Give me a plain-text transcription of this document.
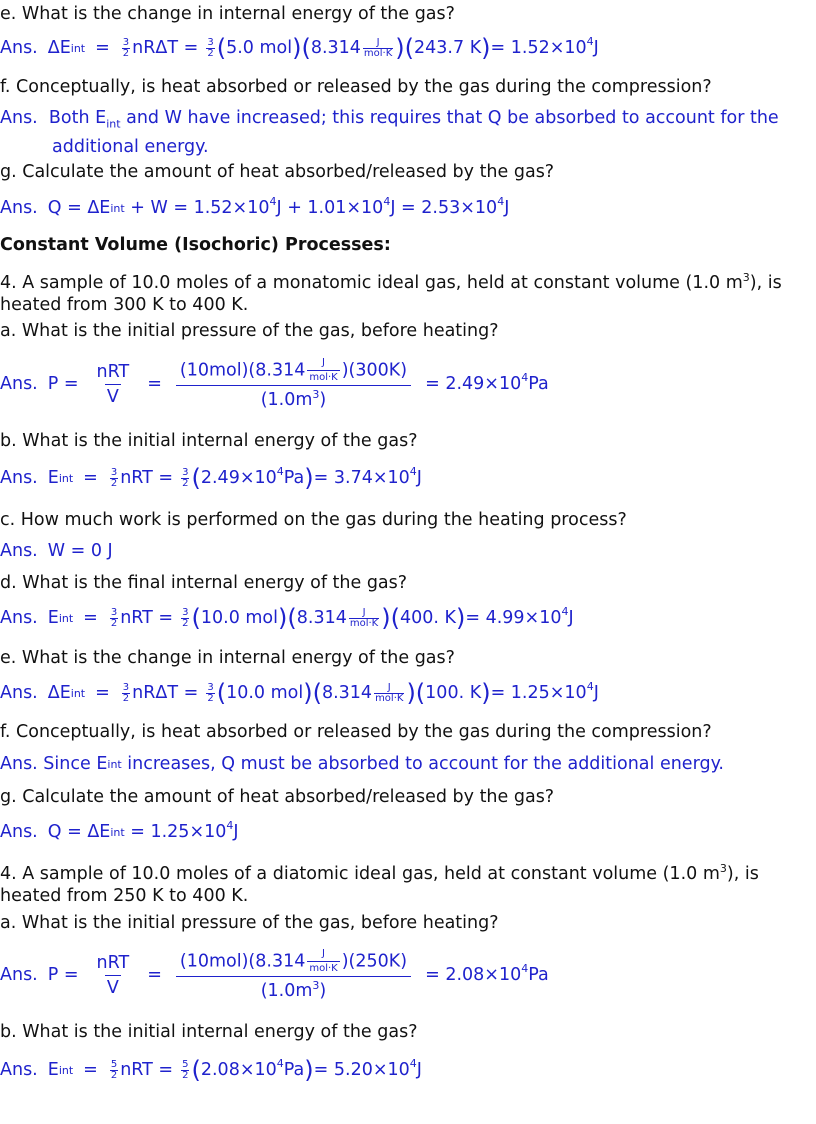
e. What is the change in internal energy of the gas?
Ans. ΔE int = $\frac{3}{2}$ $nR\Delta T = \frac{3}{2}$ ( 5.0 mol )( $8.314 \frac{J}{\text{mol·K}}$ )( 243.7 K ) = $1.52\times 10^4$ J
f. Conceptually, is heat absorbed or released by the gas during the compression?
Ans. Both $E_{int}$ and W have increased; this requires that Q be absorbed to account for the
additional energy.
g. Calculate the amount of heat absorbed/released by the gas?
Ans. Q = ΔE int + $W = 1.52\times 10^4$ $J + 1.01\times 10^4$ $J = 2.53\times 10^4$ J
Constant Volume (Isochoric) Processes:
4. A sample of 10.0 moles of a monatomic ideal gas, held at constant volume (1.0 $m^3$), is heated from 300 K to 400 K.
a. What is the initial pressure of the gas, before heating?
Ans. $P = \frac{\text{nRT}}{V} = \frac{(10mol)(8.314 \frac{J}{\text{mol·K}} )(300K)}{(1.0m^3)} = 2.49\times 10^4$ Pa
b. What is the initial internal energy of the gas?
Ans. E int = $\frac{3}{2}$ nRT = $\frac{3}{2}$ ( $2.49\times 10^4$ Pa ) = $3.74\times 10^4$ J
c. How much work is performed on the gas during the heating process?
Ans. W = 0 J
d. What is the final internal energy of the gas?
Ans. E int = $\frac{3}{2}$ nRT = $\frac{3}{2}$ ( 10.0 mol )( $8.314 \frac{J}{\text{mol·K}}$ )( 400. K ) = $4.99\times 10^4$ J
e. What is the change in internal energy of the gas?
Ans. ΔE int = $\frac{3}{2}$ $nR\Delta T = \frac{3}{2}$ ( 10.0 mol )( $8.314 \frac{J}{\text{mol·K}}$ )( 100. K ) = $1.25\times 10^4$ J
f. Conceptually, is heat absorbed or released by the gas during the compression?
Ans. Since E int increases, Q must be absorbed to account for the additional energy.
g. Calculate the amount of heat absorbed/released by the gas?
Ans. Q = ΔE int = $1.25\times 10^4$ J
4. A sample of 10.0 moles of a diatomic ideal gas, held at constant volume (1.0 $m^3$), is heated from 250 K to 400 K.
a. What is the initial pressure of the gas, before heating?
Ans. $P = \frac{\text{nRT}}{V} = \frac{(10mol)(8.314 \frac{J}{\text{mol·K}} )(250K)}{(1.0m^3)} = 2.08\times 10^4$ Pa
b. What is the initial internal energy of the gas?
Ans. E int = $\frac{5}{2}$ nRT = $\frac{5}{2}$ ( $2.08\times 10^4$ Pa ) = $5.20\times 10^4$ J
